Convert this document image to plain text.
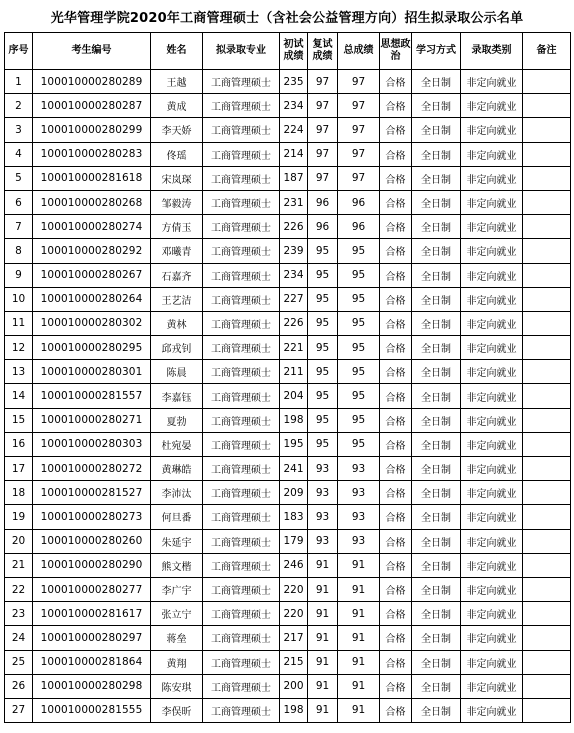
光华管理学院2020年工商管理硕士（含社会公益管理方向）招生拟录取公示名单
序号	考生编号	姓名	拟录取专业	初试成绩	复试成绩	总成绩	思想政治	学习方式	录取类别	备注
1	100010000280289	王越	工商管理硕士	235	97	97	合格	全日制	非定向就业	
2	100010000280287	黄成	工商管理硕士	234	97	97	合格	全日制	非定向就业	
3	100010000280299	李天娇	工商管理硕士	224	97	97	合格	全日制	非定向就业	
4	100010000280283	佟瑶	工商管理硕士	214	97	97	合格	全日制	非定向就业	
5	100010000281618	宋岚琛	工商管理硕士	187	97	97	合格	全日制	非定向就业	
6	100010000280268	邹毅涛	工商管理硕士	231	96	96	合格	全日制	非定向就业	
7	100010000280274	方倩玉	工商管理硕士	226	96	96	合格	全日制	非定向就业	
8	100010000280292	邓曦青	工商管理硕士	239	95	95	合格	全日制	非定向就业	
9	100010000280267	石嘉齐	工商管理硕士	234	95	95	合格	全日制	非定向就业	
10	100010000280264	王艺洁	工商管理硕士	227	95	95	合格	全日制	非定向就业	
11	100010000280302	黄林	工商管理硕士	226	95	95	合格	全日制	非定向就业	
12	100010000280295	邱戎钊	工商管理硕士	221	95	95	合格	全日制	非定向就业	
13	100010000280301	陈晨	工商管理硕士	211	95	95	合格	全日制	非定向就业	
14	100010000281557	李嘉钰	工商管理硕士	204	95	95	合格	全日制	非定向就业	
15	100010000280271	夏勃	工商管理硕士	198	95	95	合格	全日制	非定向就业	
16	100010000280303	杜宛晏	工商管理硕士	195	95	95	合格	全日制	非定向就业	
17	100010000280272	黄琳皓	工商管理硕士	241	93	93	合格	全日制	非定向就业	
18	100010000281527	李沛汰	工商管理硕士	209	93	93	合格	全日制	非定向就业	
19	100010000280273	何旦番	工商管理硕士	183	93	93	合格	全日制	非定向就业	
20	100010000280260	朱延宇	工商管理硕士	179	93	93	合格	全日制	非定向就业	
21	100010000280290	熊文楷	工商管理硕士	246	91	91	合格	全日制	非定向就业	
22	100010000280277	李广宇	工商管理硕士	220	91	91	合格	全日制	非定向就业	
23	100010000281617	张立宁	工商管理硕士	220	91	91	合格	全日制	非定向就业	
24	100010000280297	蒋垒	工商管理硕士	217	91	91	合格	全日制	非定向就业	
25	100010000281864	黄翔	工商管理硕士	215	91	91	合格	全日制	非定向就业	
26	100010000280298	陈安琪	工商管理硕士	200	91	91	合格	全日制	非定向就业	
27	100010000281555	李俣昕	工商管理硕士	198	91	91	合格	全日制	非定向就业	
